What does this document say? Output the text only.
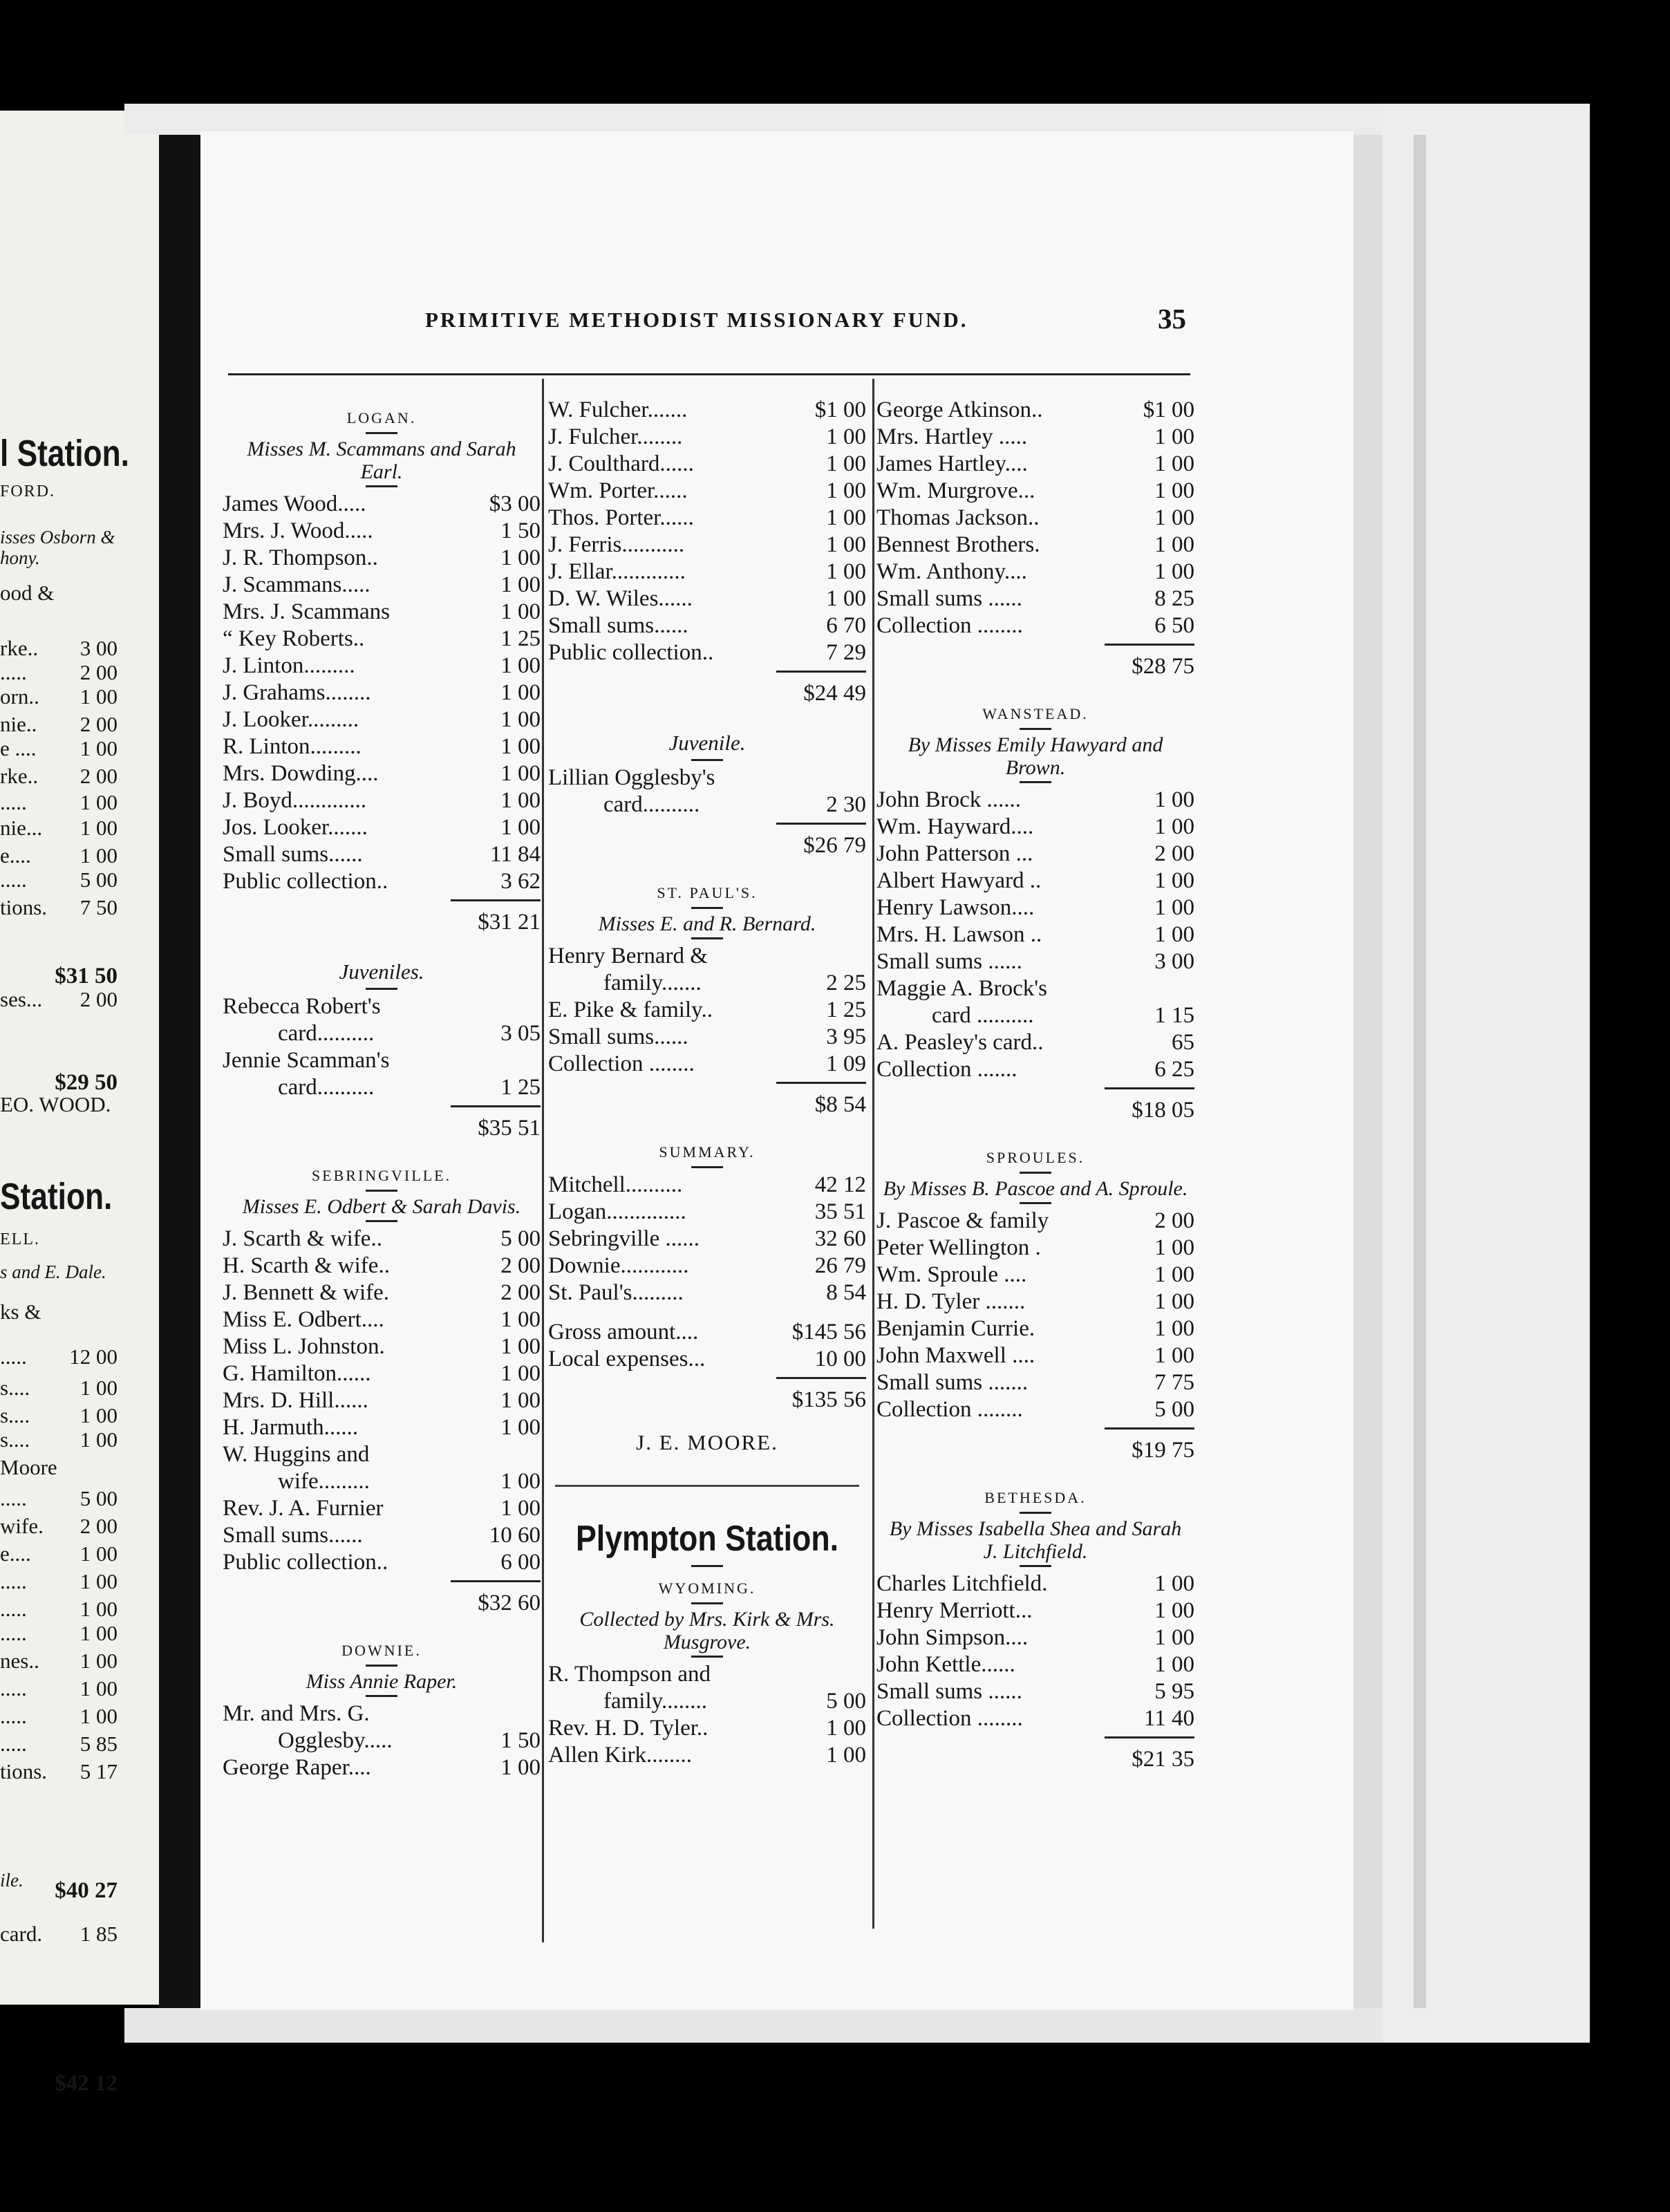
l Station.
FORD.
isses Osborn &
hony.
ood &
rke.. 3 00
..... 2 00
orn.. 1 00
nie.. 2 00
e .... 1 00
rke.. 2 00
..... 1 00
nie... 1 00
e.... 1 00
..... 5 00
tions. 7 50
$31 50
ses... 2 00
$29 50
EO. WOOD.
Station.
ELL.
s and E. Dale.
ks &
..... 12 00
s.... 1 00
s.... 1 00
s.... 1 00
Moore
..... 5 00
wife. 2 00
e.... 1 00
..... 1 00
..... 1 00
..... 1 00
nes.. 1 00
..... 1 00
..... 1 00
..... 5 85
tions. 5 17
$40 27
ile.
card. 1 85
$42 12
PRIMITIVE METHODIST MISSIONARY FUND.	35
LOGAN.
Misses M. Scammans and Sarah Earl.
James Wood.....	$3 00
Mrs. J. Wood.....	1 50
J. R. Thompson..	1 00
J. Scammans.....	1 00
Mrs. J. Scammans	1 00
“ Key Roberts..	1 25
J. Linton.........	1 00
J. Grahams........	1 00
J. Looker.........	1 00
R. Linton.........	1 00
Mrs. Dowding....	1 00
J. Boyd.............	1 00
Jos. Looker.......	1 00
Small sums......	11 84
Public collection..	3 62
$31 21
Juveniles.
Rebecca Robert's
card..........	3 05
Jennie Scamman's
card..........	1 25
$35 51
SEBRINGVILLE.
Misses E. Odbert & Sarah Davis.
J. Scarth & wife..	5 00
H. Scarth & wife..	2 00
J. Bennett & wife.	2 00
Miss E. Odbert....	1 00
Miss L. Johnston.	1 00
G. Hamilton......	1 00
Mrs. D. Hill......	1 00
H. Jarmuth......	1 00
W. Huggins and
wife.........	1 00
Rev. J. A. Furnier	1 00
Small sums......	10 60
Public collection..	6 00
$32 60
DOWNIE.
Miss Annie Raper.
Mr. and Mrs. G.
Ogglesby.....	1 50
George Raper....	1 00
W. Fulcher.......	$1 00
J. Fulcher........	1 00
J. Coulthard......	1 00
Wm. Porter......	1 00
Thos. Porter......	1 00
J. Ferris...........	1 00
J. Ellar.............	1 00
D. W. Wiles......	1 00
Small sums......	6 70
Public collection..	7 29
$24 49
Juvenile.
Lillian Ogglesby's
card..........	2 30
$26 79
ST. PAUL'S.
Misses E. and R. Bernard.
Henry Bernard &
family.......	2 25
E. Pike & family..	1 25
Small sums......	3 95
Collection ........	1 09
$8 54
SUMMARY.
Mitchell..........	42 12
Logan..............	35 51
Sebringville ......	32 60
Downie............	26 79
St. Paul's.........	8 54
Gross amount....	$145 56
Local expenses...	10 00
$135 56
J. E. MOORE.
Plympton Station.
WYOMING.
Collected by Mrs. Kirk & Mrs. Musgrove.
R. Thompson and
family........	5 00
Rev. H. D. Tyler..	1 00
Allen Kirk........	1 00
George Atkinson..	$1 00
Mrs. Hartley .....	1 00
James Hartley....	1 00
Wm. Murgrove...	1 00
Thomas Jackson..	1 00
Bennest Brothers.	1 00
Wm. Anthony....	1 00
Small sums ......	8 25
Collection ........	6 50
$28 75
WANSTEAD.
By Misses Emily Hawyard and Brown.
John Brock ......	1 00
Wm. Hayward....	1 00
John Patterson ...	2 00
Albert Hawyard ..	1 00
Henry Lawson....	1 00
Mrs. H. Lawson ..	1 00
Small sums ......	3 00
Maggie A. Brock's
card ..........	1 15
A. Peasley's card..	65
Collection .......	6 25
$18 05
SPROULES.
By Misses B. Pascoe and A. Sproule.
J. Pascoe & family	2 00
Peter Wellington .	1 00
Wm. Sproule ....	1 00
H. D. Tyler .......	1 00
Benjamin Currie.	1 00
John Maxwell ....	1 00
Small sums .......	7 75
Collection ........	5 00
$19 75
BETHESDA.
By Misses Isabella Shea and Sarah J. Litchfield.
Charles Litchfield.	1 00
Henry Merriott...	1 00
John Simpson....	1 00
John Kettle......	1 00
Small sums ......	5 95
Collection ........	11 40
$21 35
